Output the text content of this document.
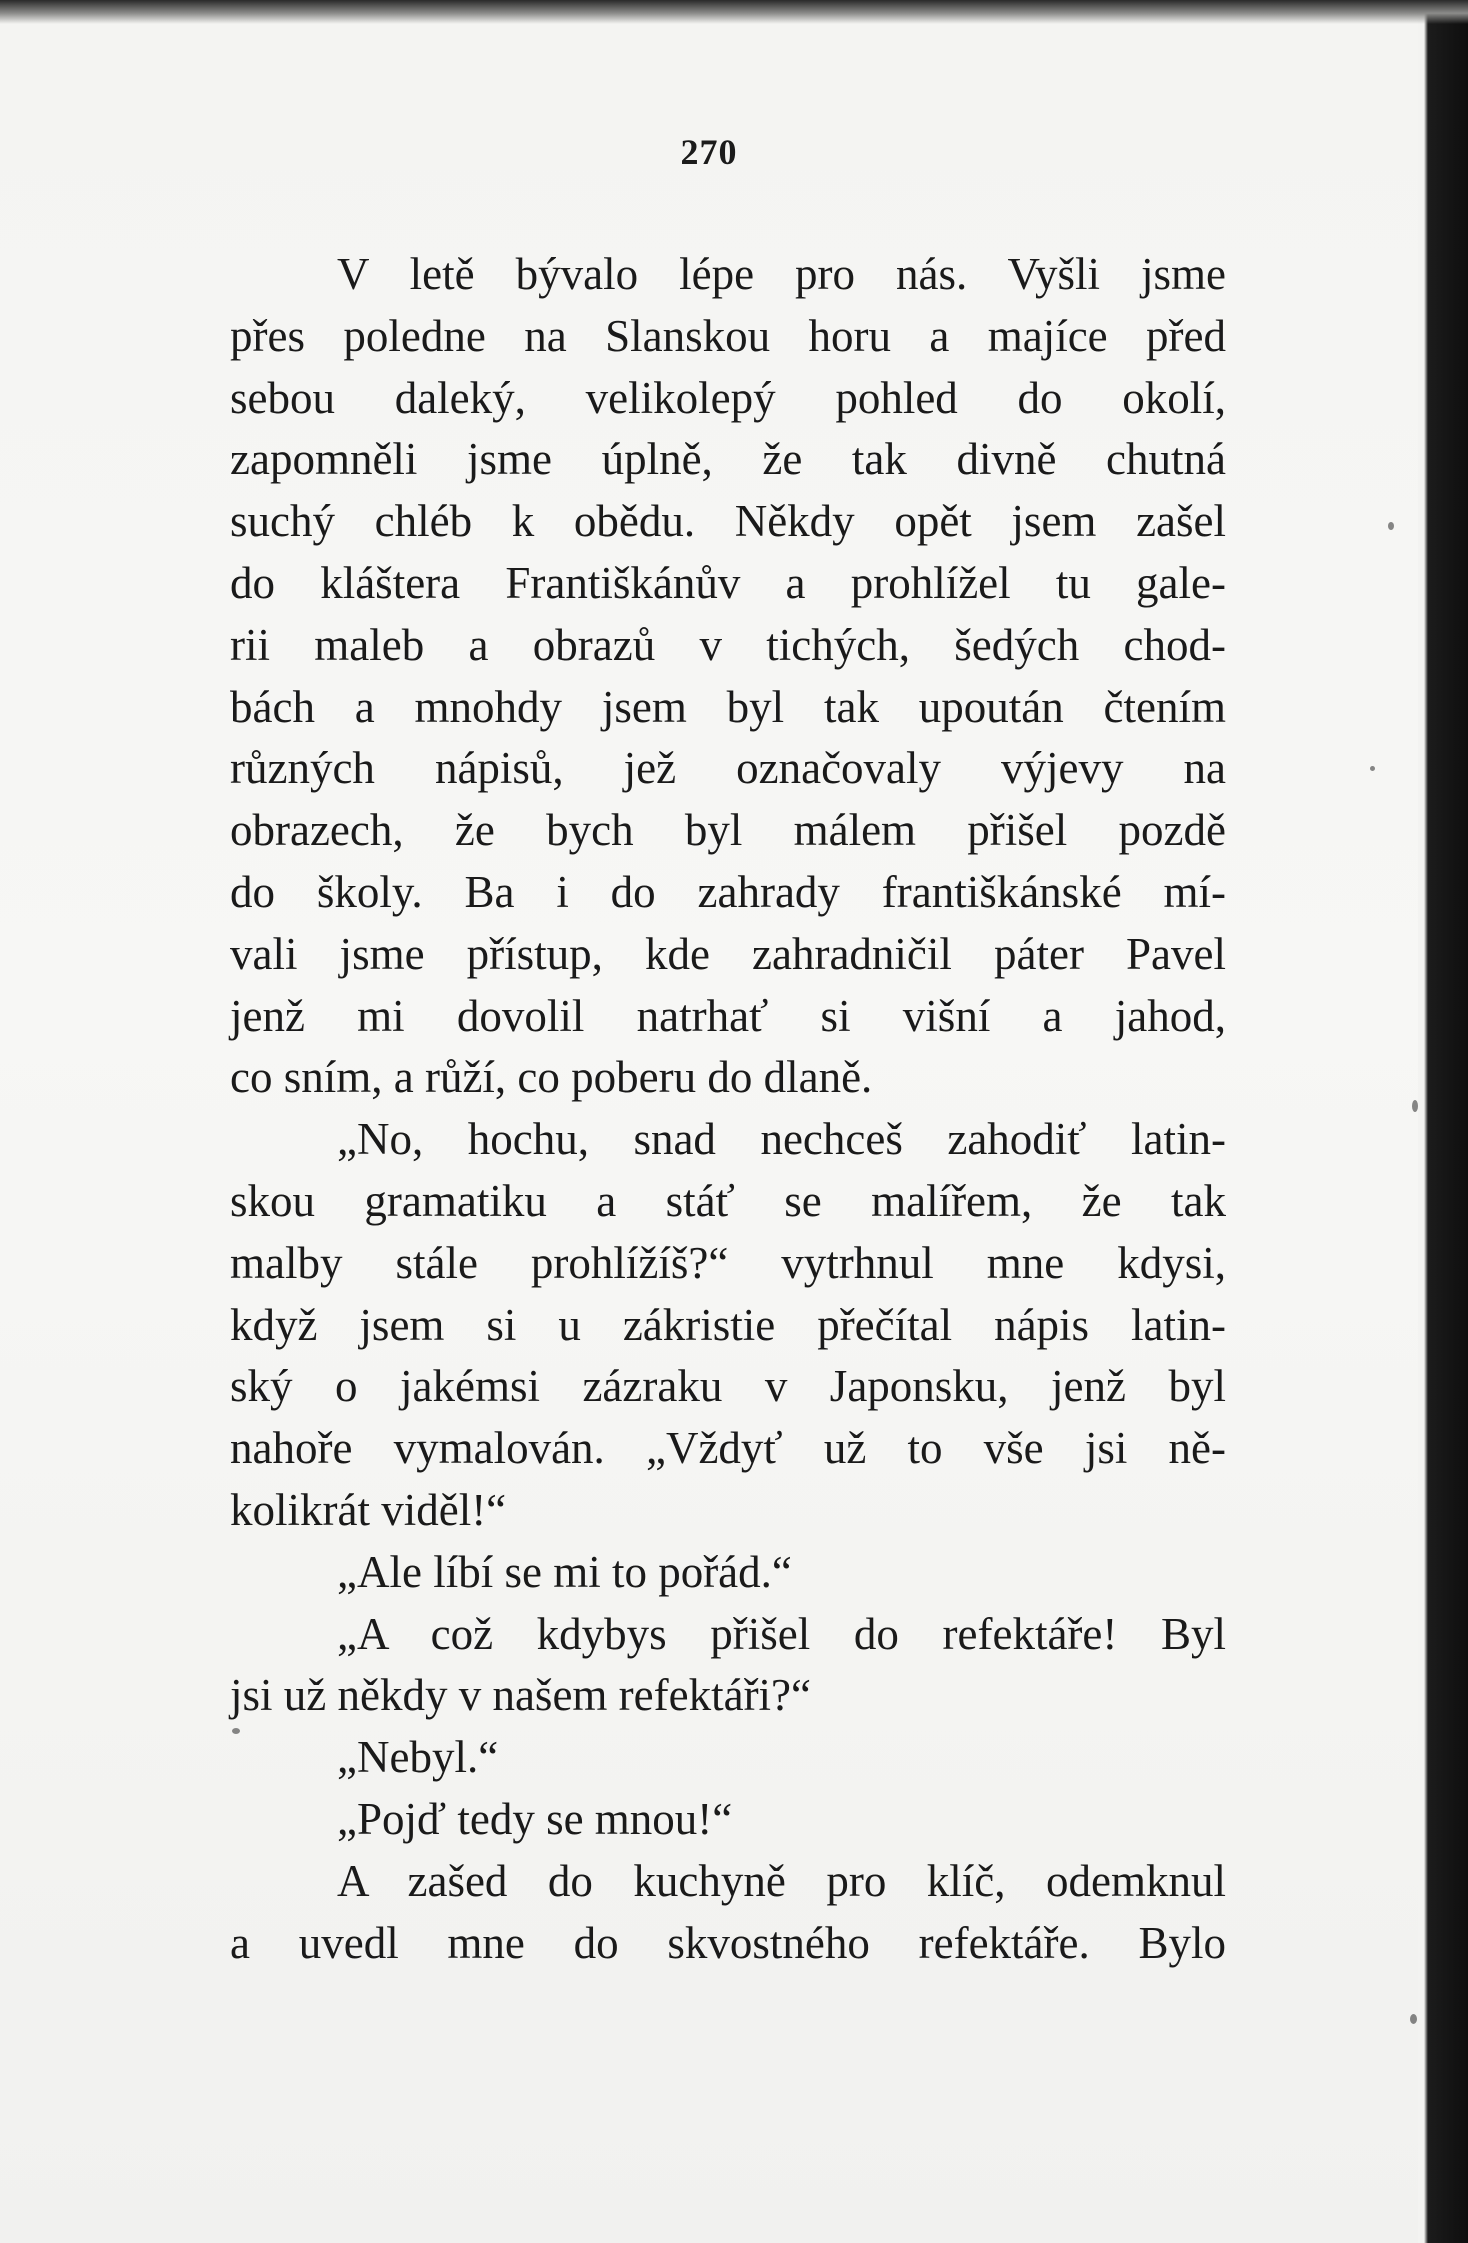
270
V letě bývalo lépe pro nás. Vyšli jsme
přes poledne na Slanskou horu a majíce před
sebou daleký, velikolepý pohled do okolí,
zapomněli jsme úplně, že tak divně chutná
suchý chléb k obědu. Někdy opět jsem zašel
do kláštera Františkánův a prohlížel tu gale-
rii maleb a obrazů v tichých, šedých chod-
bách a mnohdy jsem byl tak upoután čtením
různých nápisů, jež označovaly výjevy na
obrazech, že bych byl málem přišel pozdě
do školy. Ba i do zahrady františkánské mí-
vali jsme přístup, kde zahradničil páter Pavel
jenž mi dovolil natrhať si višní a jahod,
co sním, a růží, co poberu do dlaně.
„No, hochu, snad nechceš zahodiť latin-
skou gramatiku a stáť se malířem, že tak
malby stále prohlížíš?“ vytrhnul mne kdysi,
když jsem si u zákristie přečítal nápis latin-
ský o jakémsi zázraku v Japonsku, jenž byl
nahoře vymalován. „Vždyť už to vše jsi ně-
kolikrát viděl!“
„Ale líbí se mi to pořád.“
„A což kdybys přišel do refektáře! Byl
jsi už někdy v našem refektáři?“
„Nebyl.“
„Pojď tedy se mnou!“
A zašed do kuchyně pro klíč, odemknul
a uvedl mne do skvostného refektáře. Bylo
